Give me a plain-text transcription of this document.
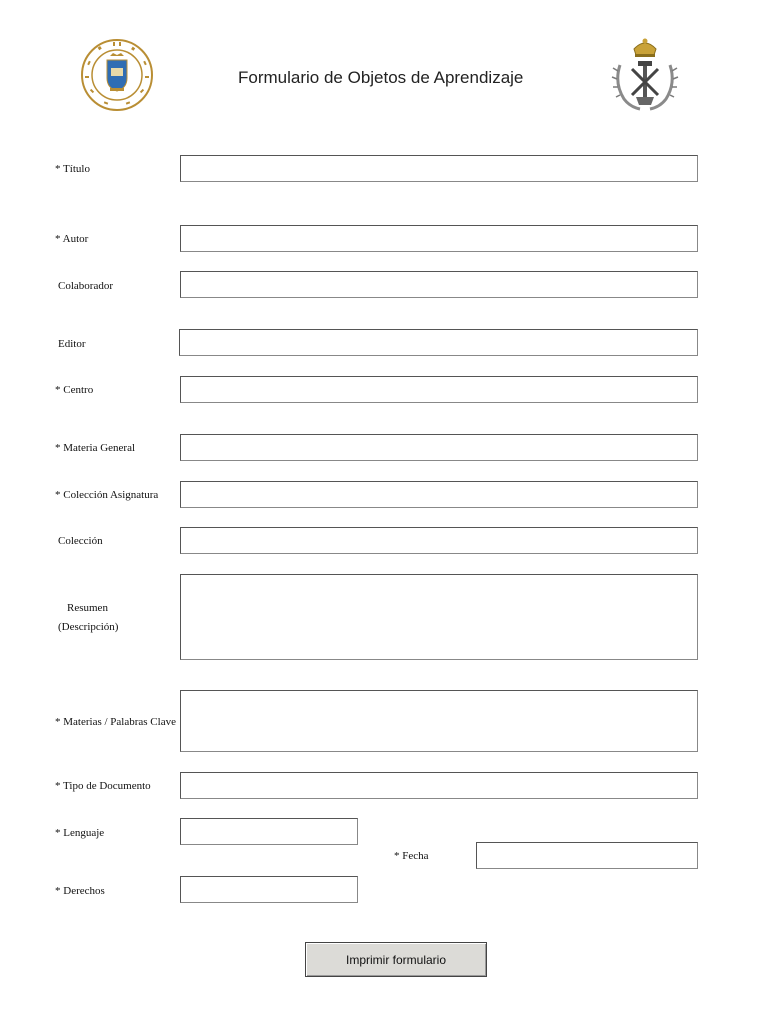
Formulario de Objetos de Aprendizaje
* Título
* Autor
Colaborador
Editor
* Centro
* Materia General
* Colección Asignatura
Colección
Resumen
(Descripción)
* Materias / Palabras Clave
* Tipo de Documento
* Lenguaje
* Fecha
* Derechos
Imprimir formulario
